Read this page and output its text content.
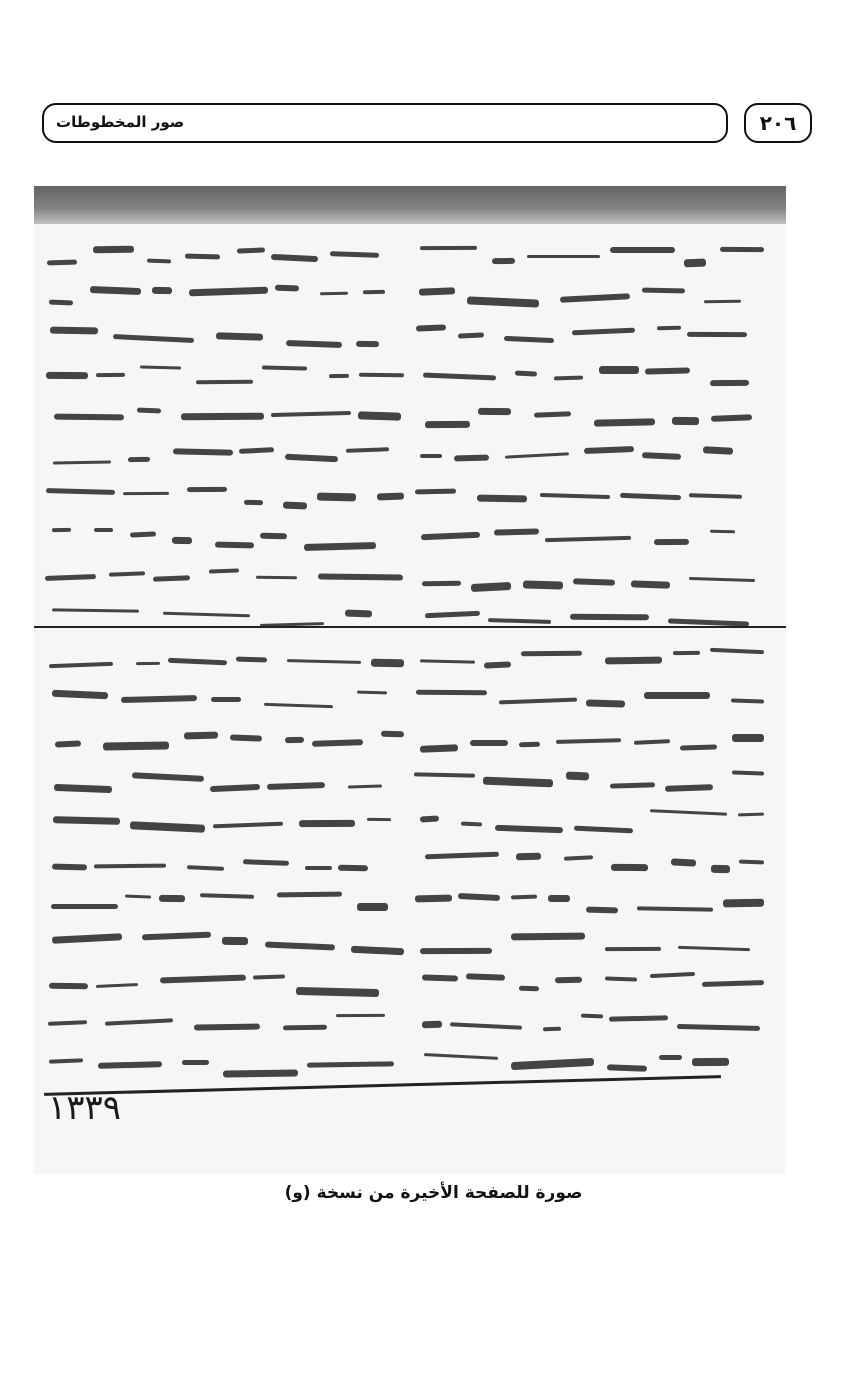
صور المخطوطات	٢٠٦
١٣٣٩
صورة للصفحة الأخيرة من نسخة (و)
